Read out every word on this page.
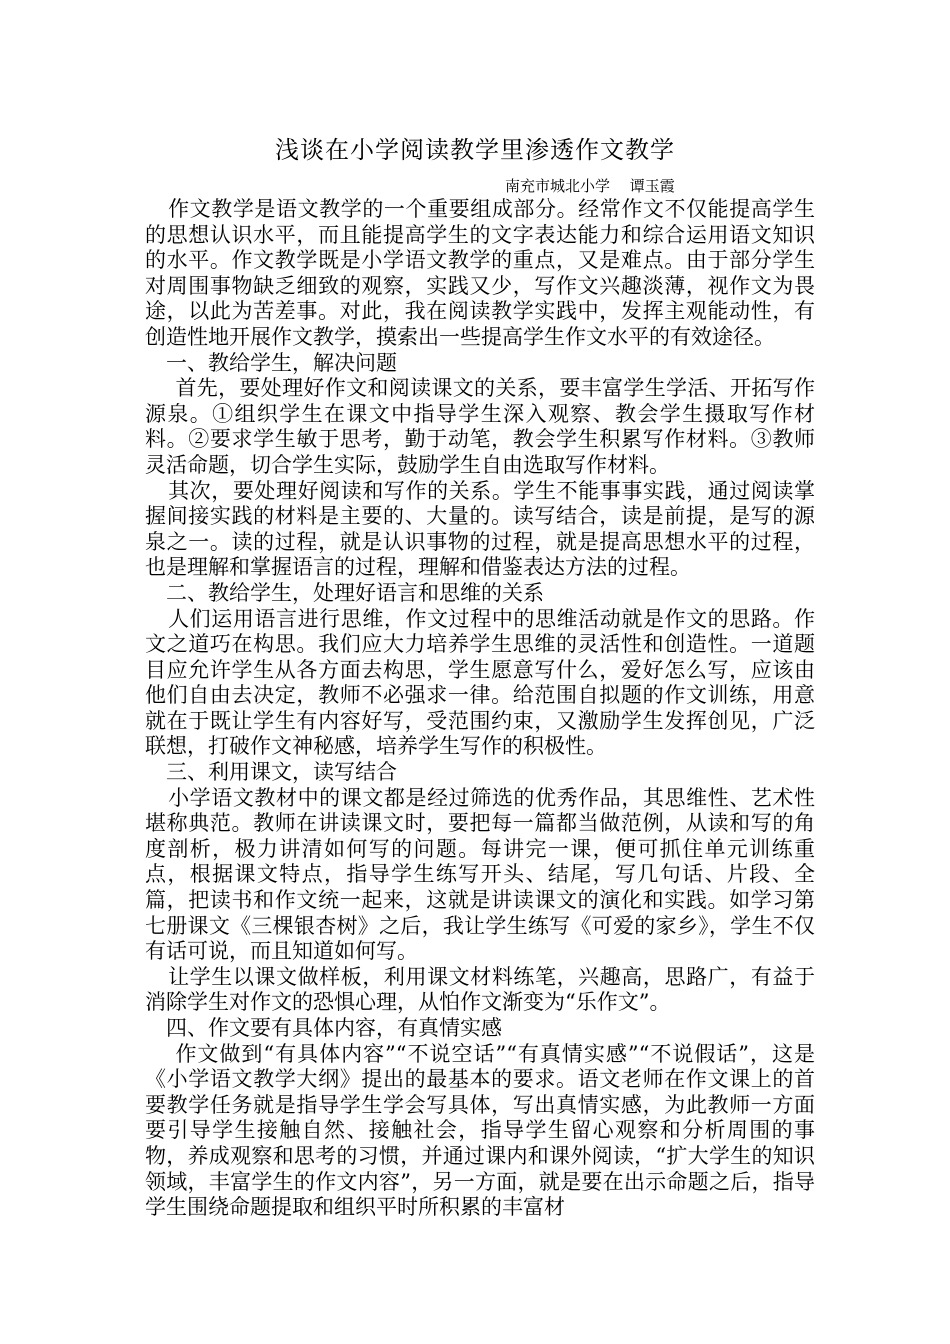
浅谈在小学阅读教学里渗透作文教学
南充市城北小学　 谭玉霞

作文教学是语文教学的一个重要组成部分。经常作文不仅能提高学生的思想认识水平，而且能提高学生的文字表达能力和综合运用语文知识的水平。作文教学既是小学语文教学的重点，又是难点。由于部分学生对周围事物缺乏细致的观察，实践又少，写作文兴趣淡薄，视作文为畏途，以此为苦差事。对此，我在阅读教学实践中，发挥主观能动性，有创造性地开展作文教学，摸索出一些提高学生作文水平的有效途径。

一、教给学生，解决问题

首先，要处理好作文和阅读课文的关系，要丰富学生学活、开拓写作源泉。①组织学生在课文中指导学生深入观察、教会学生摄取写作材料。②要求学生敏于思考，勤于动笔，教会学生积累写作材料。③教师灵活命题，切合学生实际，鼓励学生自由选取写作材料。

其次，要处理好阅读和写作的关系。学生不能事事实践，通过阅读掌握间接实践的材料是主要的、大量的。读写结合，读是前提，是写的源泉之一。读的过程，就是认识事物的过程，就是提高思想水平的过程，也是理解和掌握语言的过程，理解和借鉴表达方法的过程。

二、教给学生，处理好语言和思维的关系

人们运用语言进行思维，作文过程中的思维活动就是作文的思路。作文之道巧在构思。我们应大力培养学生思维的灵活性和创造性。一道题目应允许学生从各方面去构思，学生愿意写什么，爱好怎么写，应该由他们自由去决定，教师不必强求一律。给范围自拟题的作文训练，用意就在于既让学生有内容好写，受范围约束，又激励学生发挥创见，广泛联想，打破作文神秘感，培养学生写作的积极性。

三、利用课文，读写结合

小学语文教材中的课文都是经过筛选的优秀作品，其思维性、艺术性堪称典范。教师在讲读课文时，要把每一篇都当做范例，从读和写的角度剖析，极力讲清如何写的问题。每讲完一课，便可抓住单元训练重点，根据课文特点，指导学生练写开头、结尾，写几句话、片段、全篇，把读书和作文统一起来，这就是讲读课文的演化和实践。如学习第七册课文《三棵银杏树》之后，我让学生练写《可爱的家乡》，学生不仅有话可说，而且知道如何写。

让学生以课文做样板，利用课文材料练笔，兴趣高，思路广，有益于消除学生对作文的恐惧心理，从怕作文渐变为“乐作文”。

四、作文要有具体内容，有真情实感

作文做到“有具体内容”“不说空话”“有真情实感”“不说假话”，这是《小学语文教学大纲》提出的最基本的要求。语文老师在作文课上的首要教学任务就是指导学生学会写具体，写出真情实感，为此教师一方面要引导学生接触自然、接触社会，指导学生留心观察和分析周围的事物，养成观察和思考的习惯，并通过课内和课外阅读，“扩大学生的知识领域，丰富学生的作文内容”，另一方面，就是要在出示命题之后，指导学生围绕命题提取和组织平时所积累的丰富材
